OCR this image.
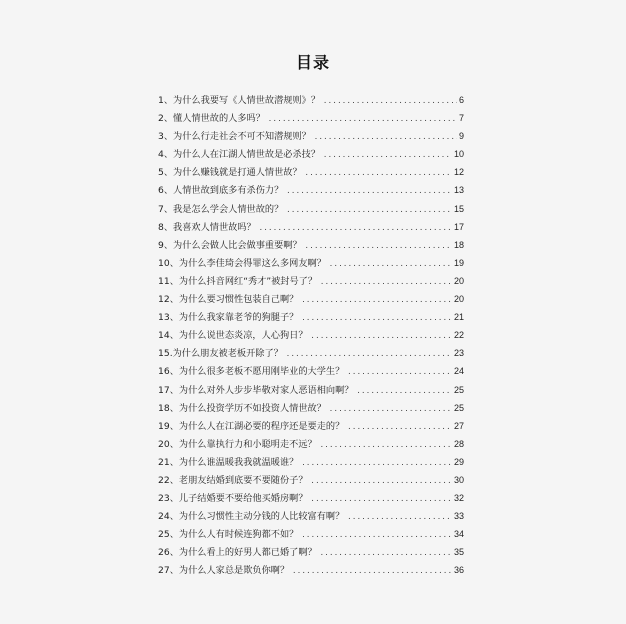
目录
1、为什么我要写《人情世故潜规则》？ .....	6
2、懂人情世故的人多吗？ .....	7
3、为什么行走社会不可不知潜规则？ .....	9
4、为什么人在江湖人情世故是必杀技？ .....	10
5、为什么赚钱就是打通人情世故？ .....	12
6、人情世故到底多有杀伤力？ .....	13
7、我是怎么学会人情世故的？ .....	15
8、我喜欢人情世故吗？ .....	17
9、为什么会做人比会做事重要啊？ .....	18
10、为什么李佳琦会得罪这么多网友啊？ .....	19
11、为什么抖音网红“秀才”被封号了？ .....	20
12、为什么要习惯性包装自己啊？ .....	20
13、为什么我家靠老爷的狗腿子？ .....	21
14、为什么说世态炎凉，人心狗日？ .....	22
15.为什么朋友被老板开除了？ .....	23
16、为什么很多老板不愿用刚毕业的大学生？ .....	24
17、为什么对外人步步毕敬对家人恶语相向啊？ .....	25
18、为什么投资学历不如投资人情世故？ .....	25
19、为什么人在江湖必要的程序还是要走的？ .....	27
20、为什么靠执行力和小聪明走不远？ .....	28
21、为什么谁温暖我我就温暖谁？ .....	29
22、老朋友结婚到底要不要随份子？ .....	30
23、儿子结婚要不要给他买婚房啊？ .....	32
24、为什么习惯性主动分钱的人比较富有啊？ .....	33
25、为什么人有时候连狗都不如？ .....	34
26、为什么看上的好男人都已婚了啊？ .....	35
27、为什么人家总是欺负你啊？ .....	36
